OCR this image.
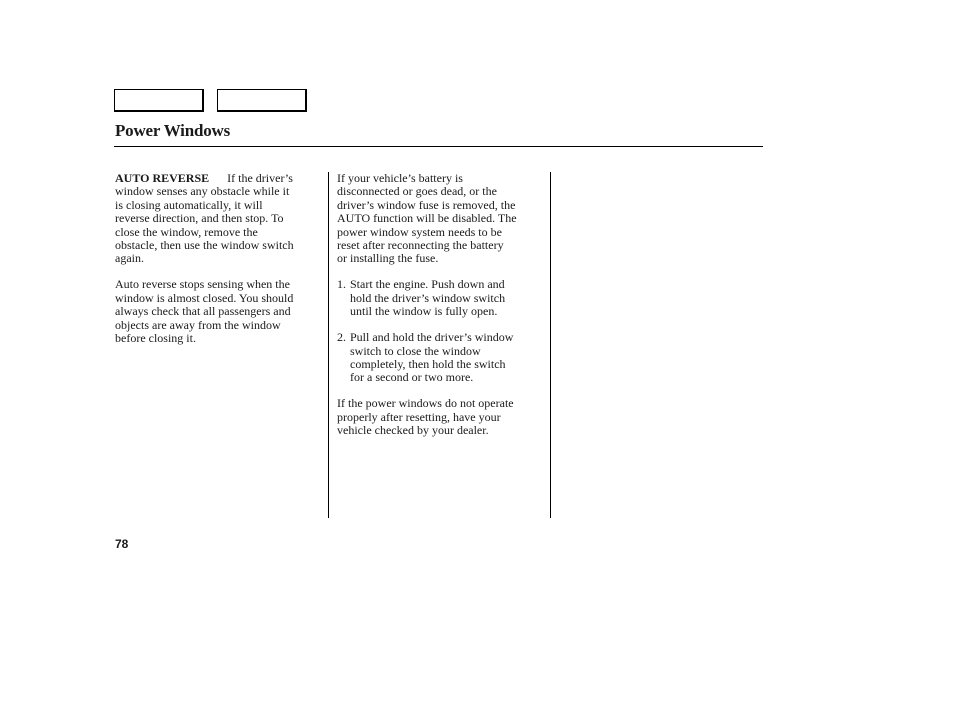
Power Windows

AUTO REVERSE If the driver’s
window senses any obstacle while it
is closing automatically, it will
reverse direction, and then stop. To
close the window, remove the
obstacle, then use the window switch
again.

Auto reverse stops sensing when the
window is almost closed. You should
always check that all passengers and
objects are away from the window
before closing it.

If your vehicle’s battery is
disconnected or goes dead, or the
driver’s window fuse is removed, the
AUTO function will be disabled. The
power window system needs to be
reset after reconnecting the battery
or installing the fuse.

1. Start the engine. Push down and
hold the driver’s window switch
until the window is fully open.
2. Pull and hold the driver’s window
switch to close the window
completely, then hold the switch
for a second or two more.

If the power windows do not operate
properly after resetting, have your
vehicle checked by your dealer.

78
